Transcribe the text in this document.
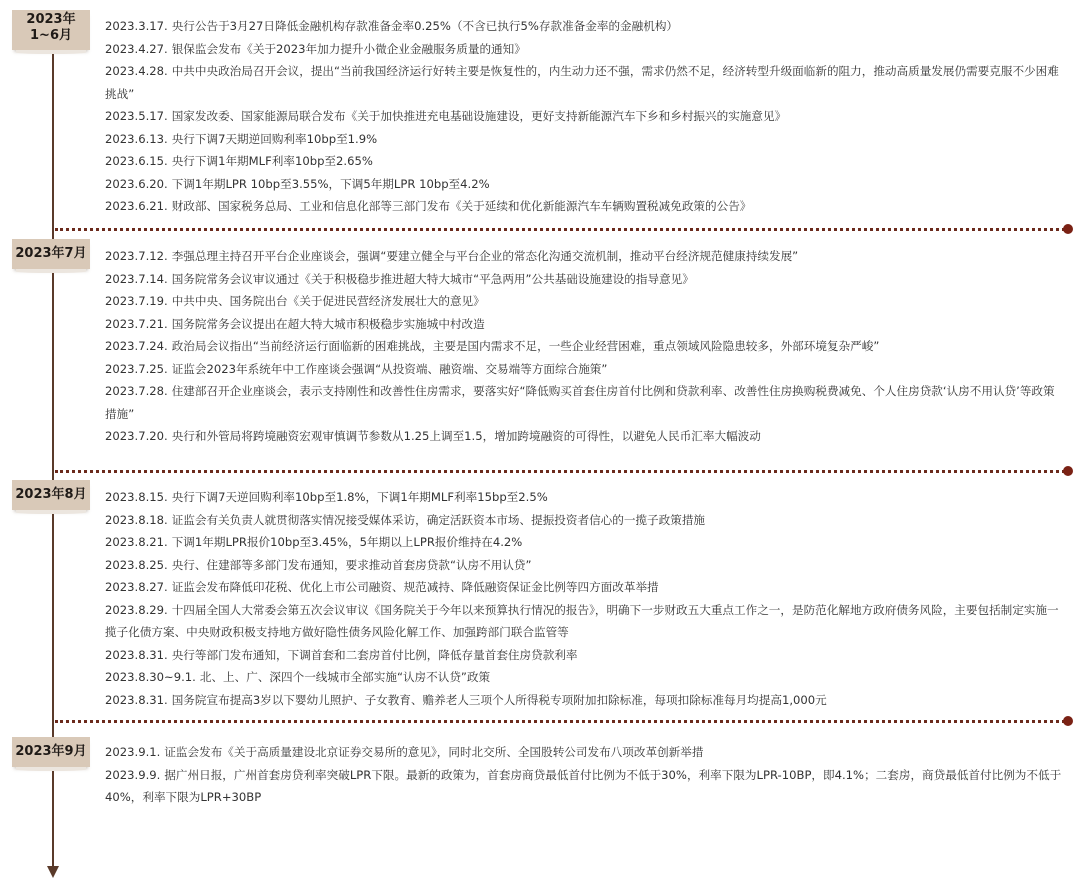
2023年
1~6月

2023.3.17. 央行公告于3月27日降低金融机构存款准备金率0.25%（不含已执行5%存款准备金率的金融机构）

2023.4.27. 银保监会发布《关于2023年加力提升小微企业金融服务质量的通知》

2023.4.28. 中共中央政治局召开会议，提出“当前我国经济运行好转主要是恢复性的，内生动力还不强，需求仍然不足，经济转型升级面临新的阻力，推动高质量发展仍需要克服不少困难挑战”

2023.5.17. 国家发改委、国家能源局联合发布《关于加快推进充电基础设施建设，更好支持新能源汽车下乡和乡村振兴的实施意见》

2023.6.13. 央行下调7天期逆回购利率10bp至1.9%

2023.6.15. 央行下调1年期MLF利率10bp至2.65%

2023.6.20. 下调1年期LPR 10bp至3.55%，下调5年期LPR 10bp至4.2%

2023.6.21. 财政部、国家税务总局、工业和信息化部等三部门发布《关于延续和优化新能源汽车车辆购置税减免政策的公告》

2023年7月 2023.7.12. 李强总理主持召开平台企业座谈会，强调“要建立健全与平台企业的常态化沟通交流机制，推动平台经济规范健康持续发展”

2023.7.14. 国务院常务会议审议通过《关于积极稳步推进超大特大城市“平急两用”公共基础设施建设的指导意见》

2023.7.19. 中共中央、国务院出台《关于促进民营经济发展壮大的意见》

2023.7.21. 国务院常务会议提出在超大特大城市积极稳步实施城中村改造

2023.7.24. 政治局会议指出“当前经济运行面临新的困难挑战，主要是国内需求不足，一些企业经营困难，重点领域风险隐患较多，外部环境复杂严峻”

2023.7.25. 证监会2023年系统年中工作座谈会强调“从投资端、融资端、交易端等方面综合施策”

2023.7.28. 住建部召开企业座谈会，表示支持刚性和改善性住房需求，要落实好“降低购买首套住房首付比例和贷款利率、改善性住房换购税费减免、个人住房贷款‘认房不用认贷’等政策措施”

2023.7.20. 央行和外管局将跨境融资宏观审慎调节参数从1.25上调至1.5，增加跨境融资的可得性，以避免人民币汇率大幅波动

2023年8月 2023.8.15. 央行下调7天逆回购利率10bp至1.8%，下调1年期MLF利率15bp至2.5%

2023.8.18. 证监会有关负责人就贯彻落实情况接受媒体采访，确定活跃资本市场、提振投资者信心的一揽子政策措施

2023.8.21. 下调1年期LPR报价10bp至3.45%，5年期以上LPR报价维持在4.2%

2023.8.25. 央行、住建部等多部门发布通知，要求推动首套房贷款“认房不用认贷”

2023.8.27. 证监会发布降低印花税、优化上市公司融资、规范减持、降低融资保证金比例等四方面改革举措

2023.8.29. 十四届全国人大常委会第五次会议审议《国务院关于今年以来预算执行情况的报告》，明确下一步财政五大重点工作之一，是防范化解地方政府债务风险，主要包括制定实施一揽子化债方案、中央财政积极支持地方做好隐性债务风险化解工作、加强跨部门联合监管等

2023.8.31. 央行等部门发布通知，下调首套和二套房首付比例，降低存量首套住房贷款利率

2023.8.30~9.1. 北、上、广、深四个一线城市全部实施“认房不认贷”政策

2023.8.31. 国务院宣布提高3岁以下婴幼儿照护、子女教育、赡养老人三项个人所得税专项附加扣除标准，每项扣除标准每月均提高1,000元

2023年9月 2023.9.1. 证监会发布《关于高质量建设北京证券交易所的意见》，同时北交所、全国股转公司发布八项改革创新举措

2023.9.9. 据广州日报，广州首套房贷利率突破LPR下限。最新的政策为，首套房商贷最低首付比例为不低于30%，利率下限为LPR-10BP，即4.1%；二套房，商贷最低首付比例为不低于40%，利率下限为LPR+30BP
